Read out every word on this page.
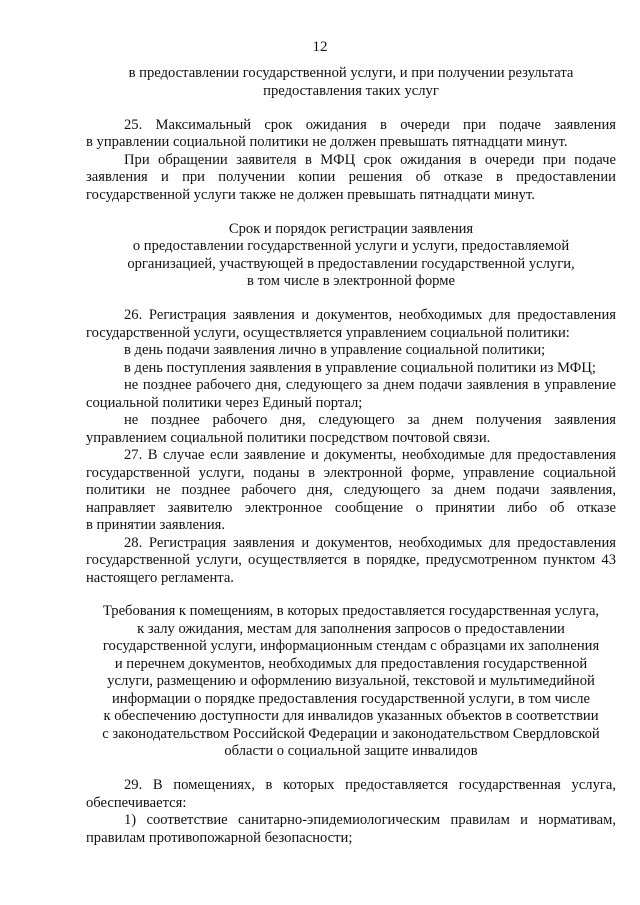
12
в предоставлении государственной услуги, и при получении результата
предоставления таких услуг
25. Максимальный срок ожидания в очереди при подаче заявления
в управлении социальной политики не должен превышать пятнадцати минут.
При обращении заявителя в МФЦ срок ожидания в очереди при подаче
заявления и при получении копии решения об отказе в предоставлении
государственной услуги также не должен превышать пятнадцати минут.
Срок и порядок регистрации заявления
о предоставлении государственной услуги и услуги, предоставляемой
организацией, участвующей в предоставлении государственной услуги,
в том числе в электронной форме
26. Регистрация заявления и документов, необходимых для предоставления
государственной услуги, осуществляется управлением социальной политики:
в день подачи заявления лично в управление социальной политики;
в день поступления заявления в управление социальной политики из МФЦ;
не позднее рабочего дня, следующего за днем подачи заявления в управление
социальной политики через Единый портал;
не позднее рабочего дня, следующего за днем получения заявления
управлением социальной политики посредством почтовой связи.
27. В случае если заявление и документы, необходимые для предоставления
государственной услуги, поданы в электронной форме, управление социальной
политики не позднее рабочего дня, следующего за днем подачи заявления,
направляет заявителю электронное сообщение о принятии либо об отказе
в принятии заявления.
28. Регистрация заявления и документов, необходимых для предоставления
государственной услуги, осуществляется в порядке, предусмотренном пунктом 43
настоящего регламента.
Требования к помещениям, в которых предоставляется государственная услуга,
к залу ожидания, местам для заполнения запросов о предоставлении
государственной услуги, информационным стендам с образцами их заполнения
и перечнем документов, необходимых для предоставления государственной
услуги, размещению и оформлению визуальной, текстовой и мультимедийной
информации о порядке предоставления государственной услуги, в том числе
к обеспечению доступности для инвалидов указанных объектов в соответствии
с законодательством Российской Федерации и законодательством Свердловской
области о социальной защите инвалидов
29. В помещениях, в которых предоставляется государственная услуга,
обеспечивается:
1) соответствие санитарно-эпидемиологическим правилам и нормативам,
правилам противопожарной безопасности;
